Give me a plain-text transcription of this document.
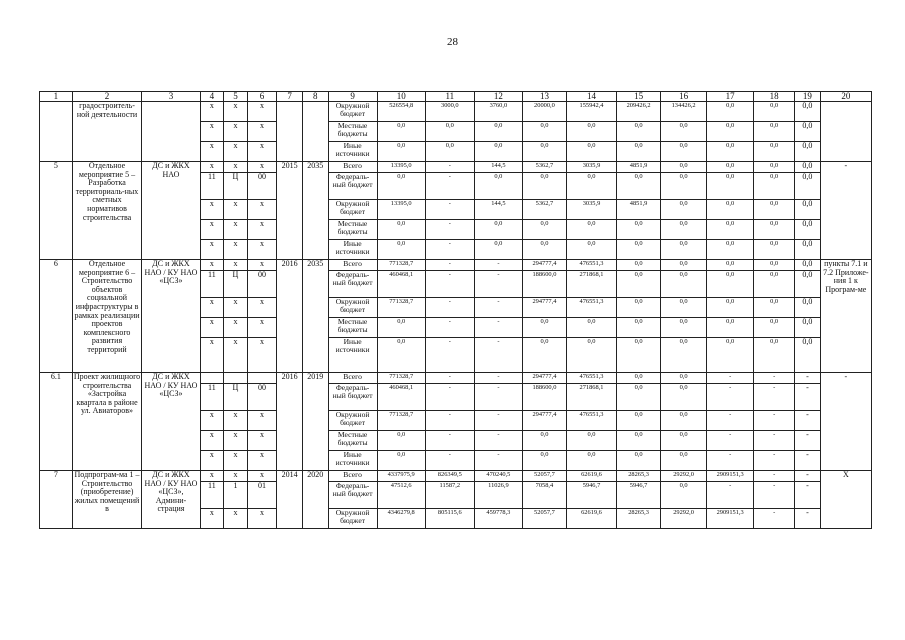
28
1	2	3	4	5	6	7	8	9	10	11	12	13	14	15	16	17	18	19	20
	градостроитель-ной деятельности		х	х	х			Окружной бюджет	526554,8	3000,0	3760,0	20000,0	155942,4	209426,2	134426,2	0,0	0,0	0,0	
			х	х	х			Местные бюджеты	0,0	0,0	0,0	0,0	0,0	0,0	0,0	0,0	0,0	0,0	
			х	х	х			Иные источники	0,0	0,0	0,0	0,0	0,0	0,0	0,0	0,0	0,0	0,0	
5	Отдельное мероприятие 5 – Разработка территориаль-ных сметных нормативов строительства	ДС и ЖКХ НАО	х	х	х	2015	2035	Всего	13395,0	-	144,5	5362,7	3035,9	4851,9	0,0	0,0	0,0	0,0	-
			11	Ц	00			Федераль-ный бюджет	0,0	-	0,0	0,0	0,0	0,0	0,0	0,0	0,0	0,0	
			х	х	х			Окружной бюджет	13395,0	-	144,5	5362,7	3035,9	4851,9	0,0	0,0	0,0	0,0	
			х	х	х			Местные бюджеты	0,0	-	0,0	0,0	0,0	0,0	0,0	0,0	0,0	0,0	
			х	х	х			Иные источники	0,0	-	0,0	0,0	0,0	0,0	0,0	0,0	0,0	0,0	
6	Отдельное мероприятие 6 – Строительство объектов социальной инфраструктуры в рамках реализации проектов комплексного развития территорий	ДС и ЖКХ НАО / КУ НАО «ЦСЗ»	х	х	х	2016	2035	Всего	771328,7	-	-	294777,4	476551,3	0,0	0,0	0,0	0,0	0,0	пункты 7.1 и 7.2 Приложе-ния 1 к Програм-ме
			11	Ц	00			Федераль-ный бюджет	460468,1	-	-	188600,0	271868,1	0,0	0,0	0,0	0,0	0,0	
			х	х	х			Окружной бюджет	771328,7	-	-	294777,4	476551,3	0,0	0,0	0,0	0,0	0,0	
			х	х	х			Местные бюджеты	0,0	-	-	0,0	0,0	0,0	0,0	0,0	0,0	0,0	
			х	х	х			Иные источники	0,0	-	-	0,0	0,0	0,0	0,0	0,0	0,0	0,0	
6.1	Проект жилищного строительства «Застройка квартала в районе ул. Авиаторов»	ДС и ЖКХ НАО / КУ НАО «ЦСЗ»				2016	2019	Всего	771328,7	-	-	294777,4	476551,3	0,0	0,0	-	-	-	-
			11	Ц	00			Федераль-ный бюджет	460468,1	-	-	188600,0	271868,1	0,0	0,0	-	-	-	
			х	х	х			Окружной бюджет	771328,7	-	-	294777,4	476551,3	0,0	0,0	-	-	-	
			х	х	х			Местные бюджеты	0,0	-	-	0,0	0,0	0,0	0,0	-	-	-	
			х	х	х			Иные источники	0,0	-	-	0,0	0,0	0,0	0,0	-	-	-	
7	Подпрограм-ма 1 – Строительство (приобретение) жилых помещений в	ДС и ЖКХ НАО / КУ НАО «ЦСЗ», Админи-страция	х	х	х	2014	2020	Всего	4337975,9	826349,5	470240,5	52057,7	62619,6	28265,3	29292,0	2909151,3	-	-	Х
			11	1	01			Федераль-ный бюджет	47512,6	11587,2	11026,9	7058,4	5946,7	5946,7	0,0	-	-	-	
			х	х	х			Окружной бюджет	4346279,8	805115,6	459778,3	52057,7	62619,6	28265,3	29292,0	2909151,3	-	-	
